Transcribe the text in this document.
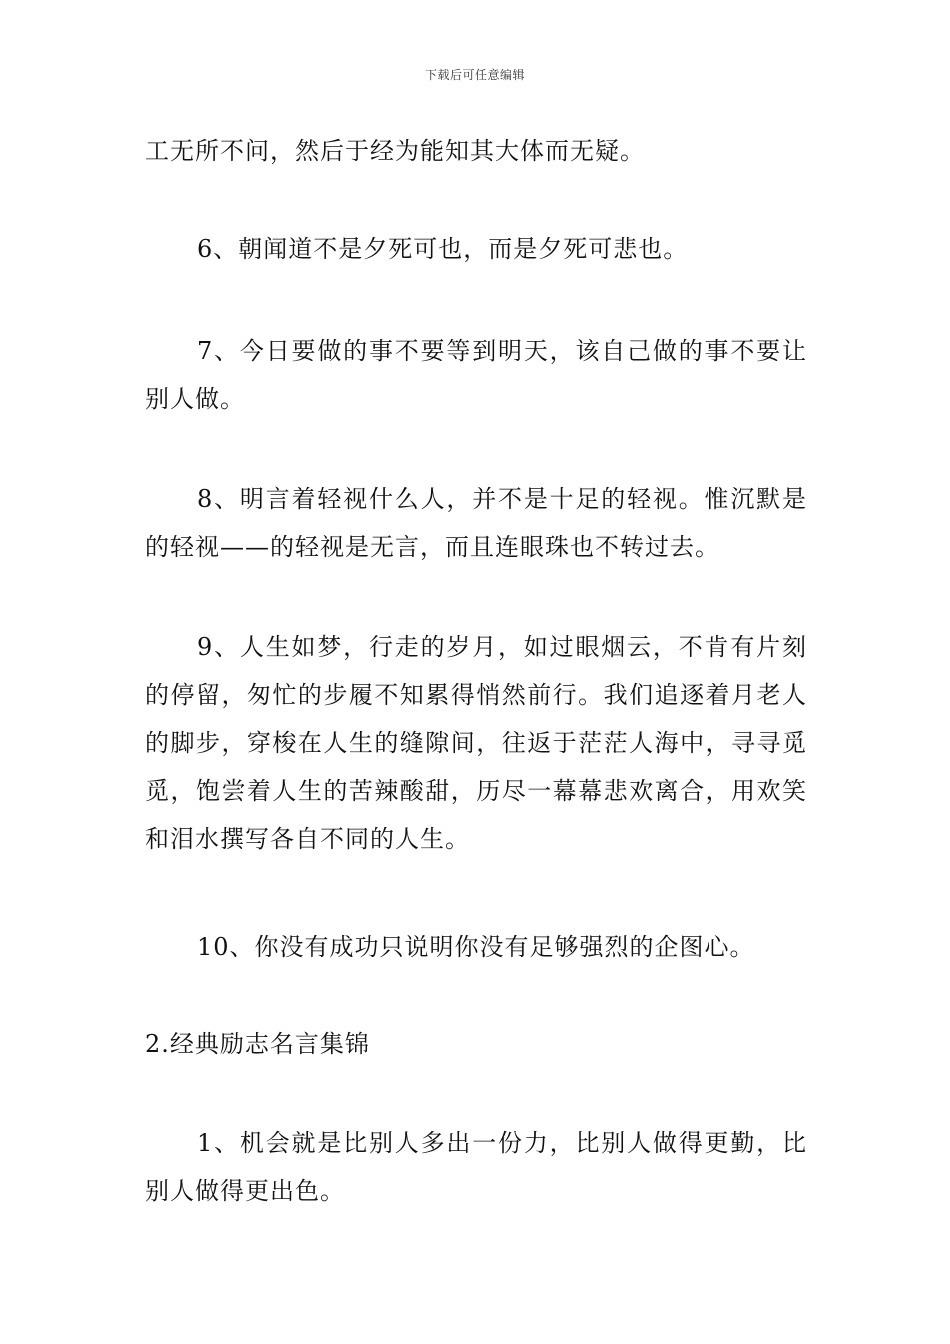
下载后可任意编辑

工无所不问，然后于经为能知其大体而无疑。

6、朝闻道不是夕死可也，而是夕死可悲也。

7、今日要做的事不要等到明天，该自己做的事不要让别人做。

8、明言着轻视什么人，并不是十足的轻视。惟沉默是的轻视——的轻视是无言，而且连眼珠也不转过去。

9、人生如梦，行走的岁月，如过眼烟云，不肯有片刻的停留，匆忙的步履不知累得悄然前行。我们追逐着月老人的脚步，穿梭在人生的缝隙间，往返于茫茫人海中，寻寻觅觅，饱尝着人生的苦辣酸甜，历尽一幕幕悲欢离合，用欢笑和泪水撰写各自不同的人生。

10、你没有成功只说明你没有足够强烈的企图心。

2.经典励志名言集锦

1、机会就是比别人多出一份力，比别人做得更勤，比别人做得更出色。
